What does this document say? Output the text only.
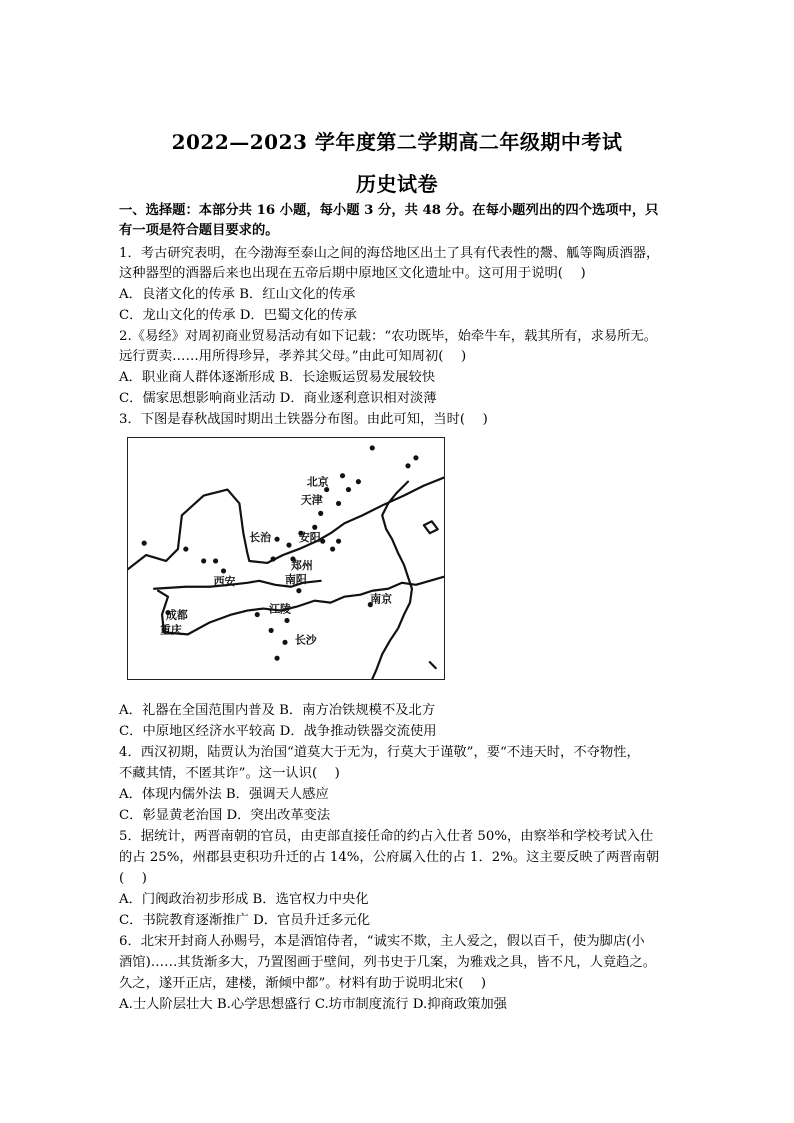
2022—2023 学年度第二学期高二年级期中考试
历史试卷
一、选择题：本部分共 16 小题，每小题 3 分，共 48 分。在每小题列出的四个选项中，只
有一项是符合题目要求的。
1．考古研究表明，在今渤海至泰山之间的海岱地区出土了具有代表性的鬶、觚等陶质酒器，
这种器型的酒器后来也出现在五帝后期中原地区文化遗址中。这可用于说明(　 )
A．良渚文化的传承 B．红山文化的传承
C．龙山文化的传承 D．巴蜀文化的传承
2.《易经》对周初商业贸易活动有如下记载：“农功既毕，始牵牛车，载其所有，求易所无。
远行贾卖……用所得珍异，孝养其父母。”由此可知周初(　 )
A．职业商人群体逐渐形成 B．长途贩运贸易发展较快
C．儒家思想影响商业活动 D．商业逐利意识相对淡薄
3．下图是春秋战国时期出土铁器分布图。由此可知，当时(　 )
北京
天津
长治	安阳
郑州
西安	南阳
成都
重庆
江陵
南京
长沙
A．礼器在全国范围内普及 B．南方冶铁规模不及北方
C．中原地区经济水平较高 D．战争推动铁器交流使用
4．西汉初期，陆贾认为治国“道莫大于无为，行莫大于谨敬”，要“不违天时，不夺物性，
不藏其情，不匿其诈”。这一认识(　 )
A．体现内儒外法 B．强调天人感应
C．彰显黄老治国 D．突出改革变法
5．据统计，两晋南朝的官员，由吏部直接任命的约占入仕者 50%，由察举和学校考试入仕
的占 25%，州郡县吏积功升迁的占 14%，公府属入仕的占 1．2%。这主要反映了两晋南朝
(　 )
A．门阀政治初步形成 B．选官权力中央化
C．书院教育逐渐推广 D．官员升迁多元化
6．北宋开封商人孙赐号，本是酒馆侍者，“诚实不欺，主人爱之，假以百千，使为脚店(小
酒馆)……其货渐多大，乃置图画于壁间，列书史于几案，为雅戏之具，皆不凡，人竟趋之。
久之，遂开正店，建楼，渐倾中都”。材料有助于说明北宋(　 )
A.士人阶层壮大 B.心学思想盛行 C.坊市制度流行 D.抑商政策加强
